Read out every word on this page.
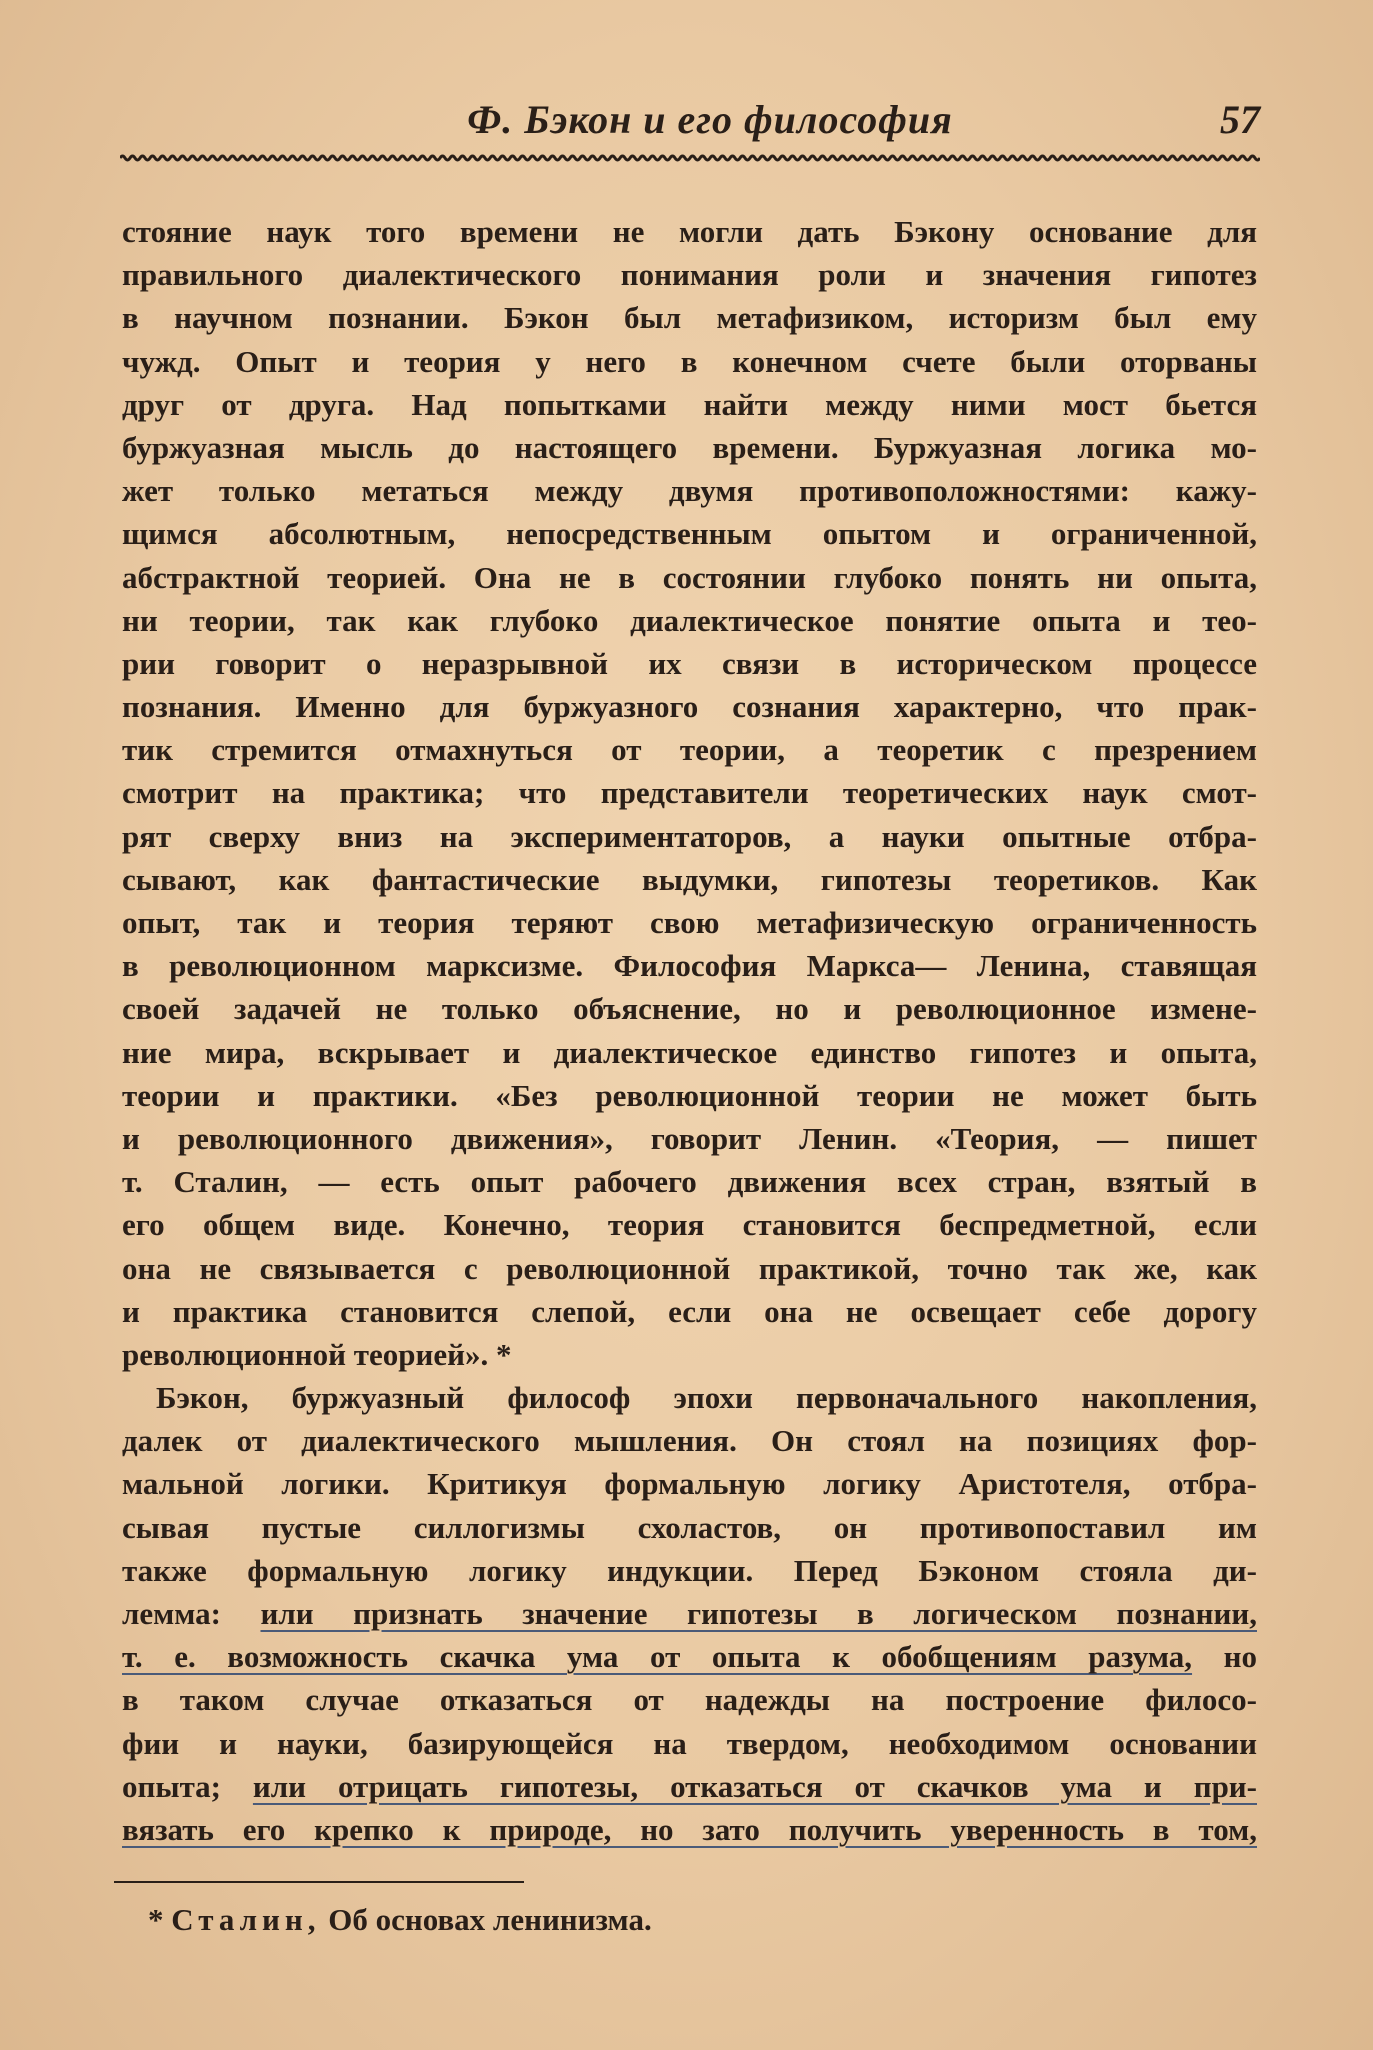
Ф. Бэкон и его философия	57
стояние наук того времени не могли дать Бэкону основание для
правильного диалектического понимания роли и значения гипотез
в научном познании. Бэкон был метафизиком, историзм был ему
чужд. Опыт и теория у него в конечном счете были оторваны
друг от друга. Над попытками найти между ними мост бьется
буржуазная мысль до настоящего времени. Буржуазная логика мо-
жет только метаться между двумя противоположностями: кажу-
щимся абсолютным, непосредственным опытом и ограниченной,
абстрактной теорией. Она не в состоянии глубоко понять ни опыта,
ни теории, так как глубоко диалектическое понятие опыта и тео-
рии говорит о неразрывной их связи в историческом процессе
познания. Именно для буржуазного сознания характерно, что прак-
тик стремится отмахнуться от теории, а теоретик с презрением
смотрит на практика; что представители теоретических наук смот-
рят сверху вниз на экспериментаторов, а науки опытные отбра-
сывают, как фантастические выдумки, гипотезы теоретиков. Как
опыт, так и теория теряют свою метафизическую ограниченность
в революционном марксизме. Философия Маркса— Ленина, ставящая
своей задачей не только объяснение, но и революционное измене-
ние мира, вскрывает и диалектическое единство гипотез и опыта,
теории и практики. «Без революционной теории не может быть
и революционного движения», говорит Ленин. «Теория, — пишет
т. Сталин, — есть опыт рабочего движения всех стран, взятый в
его общем виде. Конечно, теория становится беспредметной, если
она не связывается с революционной практикой, точно так же, как
и практика становится слепой, если она не освещает себе дорогу
революционной теорией». *
Бэкон, буржуазный философ эпохи первоначального накопления,
далек от диалектического мышления. Он стоял на позициях фор-
мальной логики. Критикуя формальную логику Аристотеля, отбра-
сывая пустые силлогизмы схоластов, он противопоставил им
также формальную логику индукции. Перед Бэконом стояла ди-
лемма: или признать значение гипотезы в логическом познании,
т. е. возможность скачка ума от опыта к обобщениям разума, но
в таком случае отказаться от надежды на построение филосо-
фии и науки, базирующейся на твердом, необходимом основании
опыта; или отрицать гипотезы, отказаться от скачков ума и при-
вязать его крепко к природе, но зато получить уверенность в том,
* Сталин, Об основах ленинизма.
